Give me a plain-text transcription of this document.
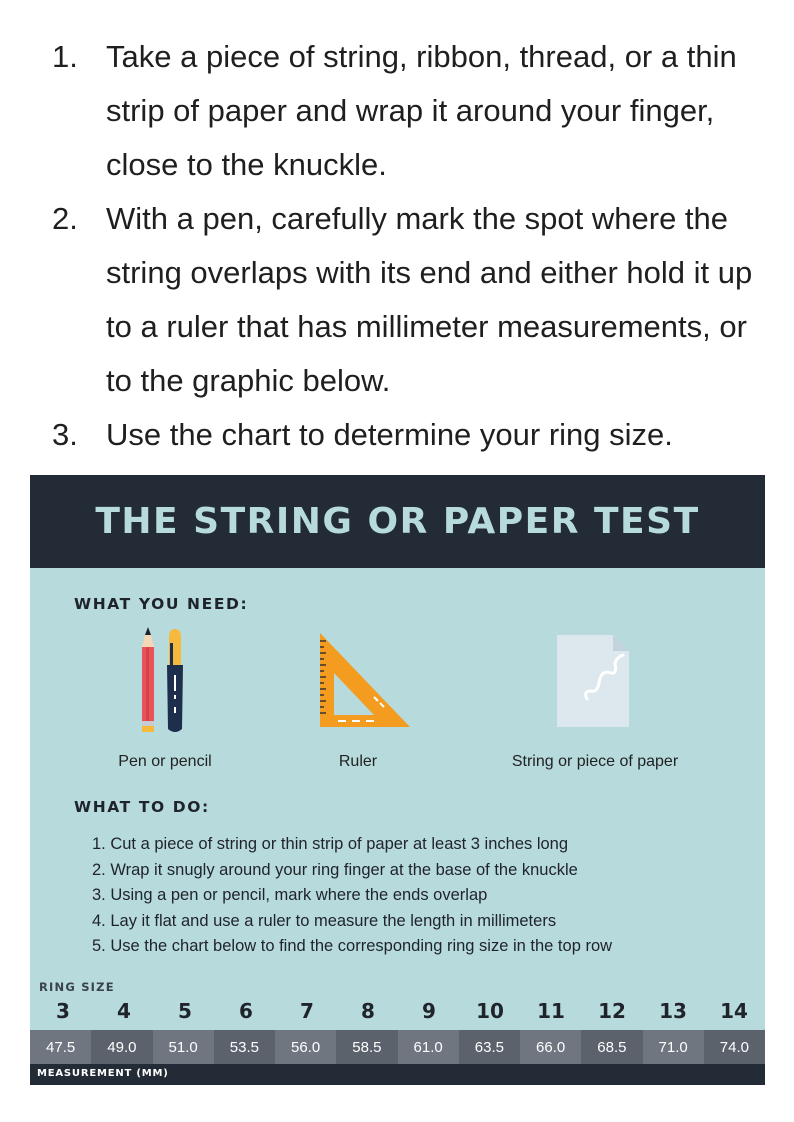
1. Take a piece of string, ribbon, thread, or a thin strip of paper and wrap it around your finger, close to the knuckle.
2. With a pen, carefully mark the spot where the string overlaps with its end and either hold it up to a ruler that has millimeter measurements, or to the graphic below.
3. Use the chart to determine your ring size.
THE STRING OR PAPER TEST
WHAT YOU NEED:
Pen or pencil	Ruler	String or piece of paper
WHAT TO DO:
1. Cut a piece of string or thin strip of paper at least 3 inches long
2. Wrap it snugly around your ring finger at the base of the knuckle
3. Using a pen or pencil, mark where the ends overlap
4. Lay it flat and use a ruler to measure the length in millimeters
5. Use the chart below to find the corresponding ring size in the top row
RING SIZE
3	4	5	6	7	8	9	10	11	12	13	14
47.5	49.0	51.0	53.5	56.0	58.5	61.0	63.5	66.0	68.5	71.0	74.0
MEASUREMENT (MM)
